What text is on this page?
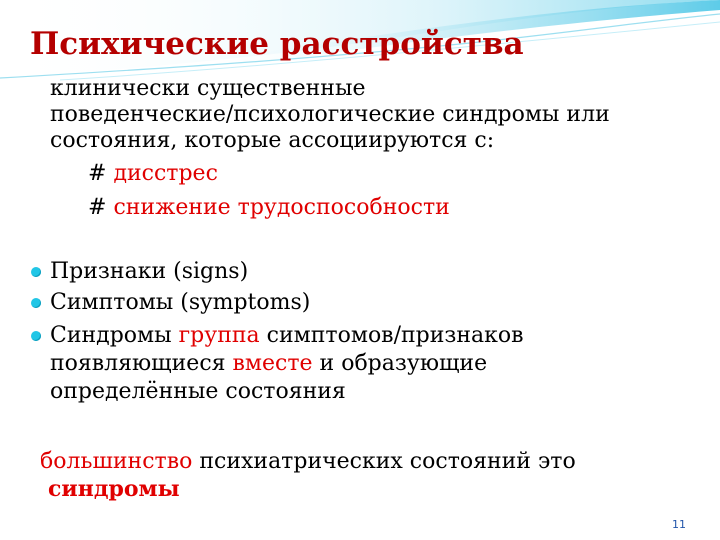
Психические расстройства
клинически существенные
поведенческие/психологические синдромы или
состояния, которые ассоциируются с:
# дисстрес
# снижение трудоспособности
Признаки (signs)
Симптомы (symptoms)
Синдромы группа симптомов/признаков
появляющиеся вместе и образующие
определённые состояния
большинство психиатрических состояний это
синдромы
11
